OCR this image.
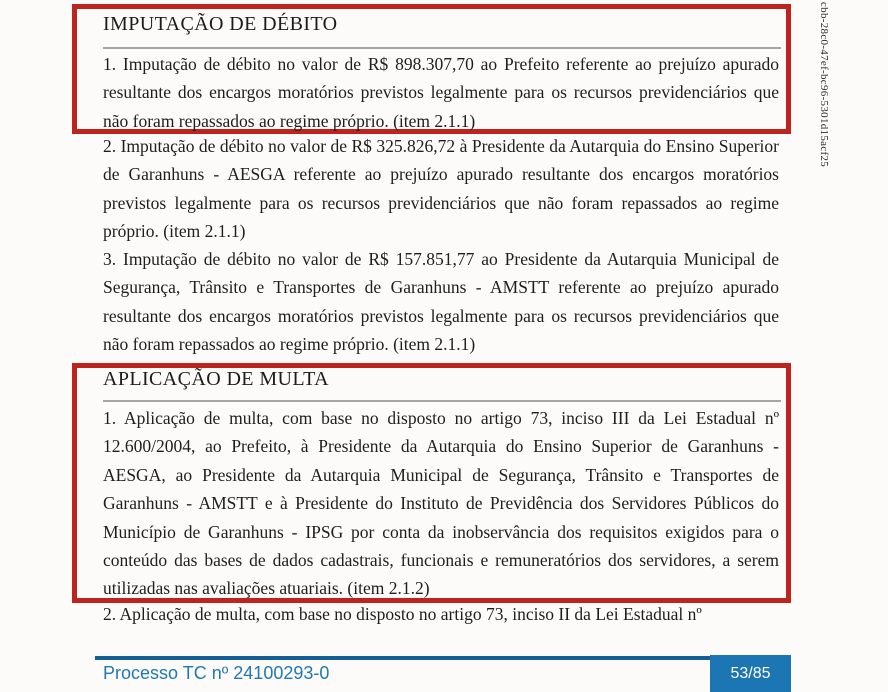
IMPUTAÇÃO DE DÉBITO

1. Imputação de débito no valor de R$ 898.307,70 ao Prefeito referente ao prejuízo apurado resultante dos encargos moratórios previstos legalmente para os recursos previdenciários que não foram repassados ao regime próprio. (item 2.1.1)

2. Imputação de débito no valor de R$ 325.826,72 à Presidente da Autarquia do Ensino Superior de Garanhuns - AESGA referente ao prejuízo apurado resultante dos encargos moratórios previstos legalmente para os recursos previdenciários que não foram repassados ao regime próprio. (item 2.1.1)

3. Imputação de débito no valor de R$ 157.851,77 ao Presidente da Autarquia Municipal de Segurança, Trânsito e Transportes de Garanhuns - AMSTT referente ao prejuízo apurado resultante dos encargos moratórios previstos legalmente para os recursos previdenciários que não foram repassados ao regime próprio. (item 2.1.1)

APLICAÇÃO DE MULTA

1. Aplicação de multa, com base no disposto no artigo 73, inciso III da Lei Estadual nº 12.600/2004, ao Prefeito, à Presidente da Autarquia do Ensino Superior de Garanhuns - AESGA, ao Presidente da Autarquia Municipal de Segurança, Trânsito e Transportes de Garanhuns - AMSTT e à Presidente do Instituto de Previdência dos Servidores Públicos do Município de Garanhuns - IPSG por conta da inobservância dos requisitos exigidos para o conteúdo das bases de dados cadastrais, funcionais e remuneratórios dos servidores, a serem utilizadas nas avaliações atuariais. (item 2.1.2)

2. Aplicação de multa, com base no disposto no artigo 73, inciso II da Lei Estadual nº

cbb-28c0-47ef-bc96-5301d15acf25
Processo TC nº 24100293-0	53/85
